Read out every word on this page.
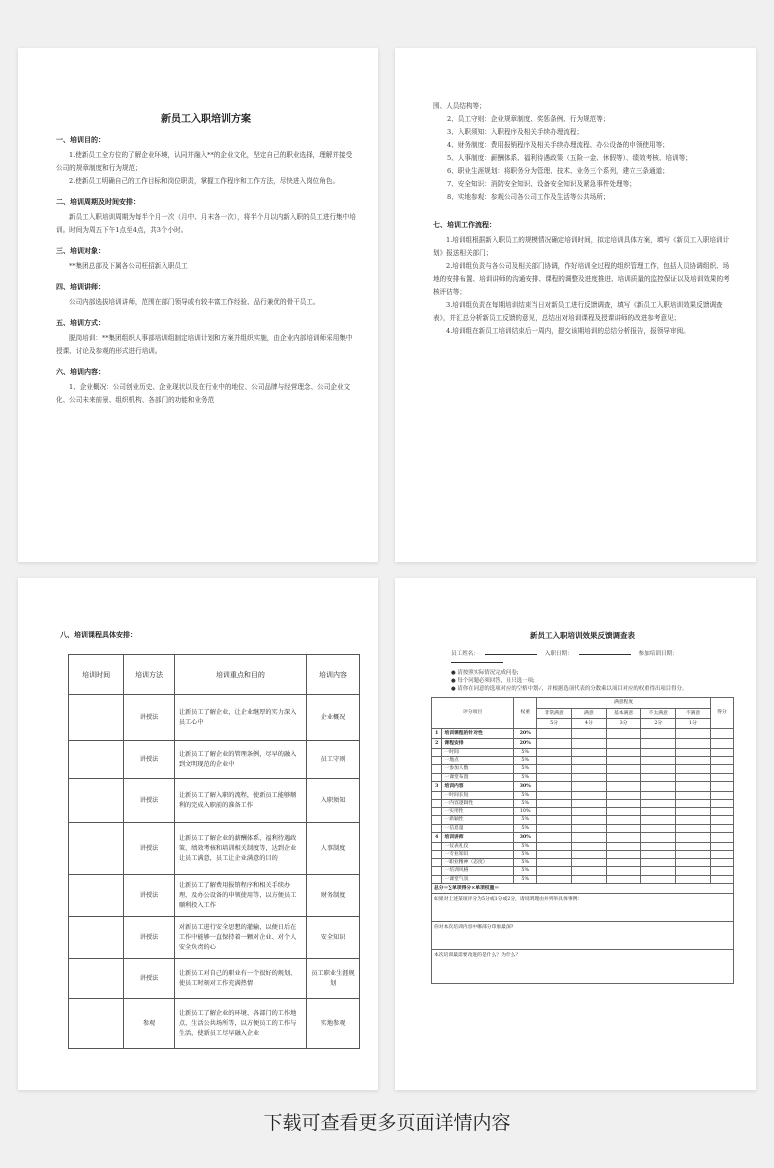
新员工入职培训方案
一、培训目的：
1.使新员工全方位的了解企业环境，认同并融入**的企业文化，坚定自己的职业选择，理解并接受公司的规章制度和行为规范；
2.使新员工明确自己的工作目标和岗位职责，掌握工作程序和工作方法，尽快进入岗位角色。
二、培训周期及时间安排：
新员工入职培训周期为每半个月一次（月中、月末各一次），将半个月以内新入职的员工进行集中培训。时间为周五下午1点至4点，共3个小时。
三、培训对象：
**集团总部及下属各公司枉招新入职员工
四、培训讲师：
公司内部选拔培训讲师，范围在部门领导或有较丰富工作经验、品行兼优的骨干员工。
五、培训方式：
脱岗培训：**集团组织人事部培训组制定培训计划和方案并组织实施，由企业内部培训师采用集中授课、讨论及参观的形式进行培训。
六、培训内容：
1、企业概况：公司创业历史、企业现状以及在行业中的地位、公司品牌与经营理念、公司企业文化、公司未来前景、组织机构、各部门的功能和业务范
围、人员结构等；
2、员工守则：企业规章制度、奖惩条例、行为规范等；
3、入职须知：入职程序及相关手续办理流程；
4、财务制度：费用报销程序及相关手续办理流程、办公设备的申领使用等；
5、人事制度：薪酬体系、福利待遇政策（五险一金、休假等）、绩效考核、培训等；
6、职业生涯规划：将职务分为管理、技术、业务三个系列，建立三条通道；
7、安全知识：消防安全知识、设备安全知识及紧急事件处理等；
8、实地参观：参观公司各公司工作及生活等公共场所；
七、培训工作流程：
1.培训组根据新入职员工的规模情况确定培训时间，拟定培训具体方案，填写《新员工入职培训计划》报送相关部门；
2.培训组负责与各公司及相关部门协调，作好培训全过程的组织管理工作，包括人员协调组织、场地的安排布置、培训讲师的沟通安排、课程的调整及进度推进、培训质量的监控保证以及培训效果的考核评估等；
3.培训组负责在每期培训结束当日对新员工进行反馈调查，填写《新员工入职培训效果反馈调查表》，并汇总分析新员工反馈的意见，总结出对培训课程及授课讲师的改进参考意见；
4.培训组在新员工培训结束后一周内，提交该期培训的总结分析报告，报领导审阅。
八、培训课程具体安排：
培训时间	培训方法	培训重点和目的	培训内容
	讲授法	让新员工了解企业，让企业继厚的实力深入员工心中	企业概况
	讲授法	让新员工了解企业的管理条例，尽早的融入到文明现范的企业中	员工守则
	讲授法	让新员工了解入职的流程，使新员工能够顺利的完成入职前的准备工作	入职须知
	讲授法	让新员工了解企业的薪酬体系、福利待遇政策、绩效考核和培训相关制度等，达到企业让员工满意，员工让企业满意的目的	人事制度
	讲授法	让新员工了解费用报销程序和相关手续办理，及办公设备的申领使用等，以方便员工顺利投入工作	财务制度
	讲授法	对新员工进行安全思想的灌输，以便日后在工作中能够一直保持着一颗对企业、对个人安全负责的心	安全知识
	讲授法	让新员工对自己的职业有一个很好的规划，使员工时刻对工作充满热情	员工职业生涯规划
	参观	让新员工了解企业的环境、各部门的工作地点、生活公共场所等，以方便员工的工作与生活，使新员工尽早融入企业	实地参观
新员工入职培训效果反馈调查表
员工姓名：	入职日期：	参加培训日期：
● 请按照实际情况完成问卷;
● 每个问题必须回答，且只选一项;
● 请你在同意的选项对应的空格中划✓，并根据选项代表的分数乘以项目对应的权重得出项目得分。
评分项目		权重	满意程度					得分
			非常满意	满意	基本满意	不太满意	不满意	
			5分	4分	3分	2分	1分	
1	培训课程的针对性	20%						
2	课程安排	20%						
	一时间	5%						
	一地点	5%						
	一参加人数	5%						
	一课堂布置	5%						
3	培训内容	30%						
	一时间长短	5%						
	一内容逻辑性	5%						
	一实用性	10%						
	一新颖性	5%						
	一信息量	5%						
4	培训讲师	30%						
	一仪表礼仪	5%						
	一专业知识	5%						
	一职业精神（态度）	5%						
	一培训风格	5%						
	一课堂气氛	5%						
总分＝∑单项得分×单项权重＝								
如果对上述某项评分为5分或1分或2分，请说明理由并列举具体事例：								
你对本次培训内容中哪部分印象最深?								
本次培训最需要改进的是什么？为什么？								
下载可查看更多页面详情内容
